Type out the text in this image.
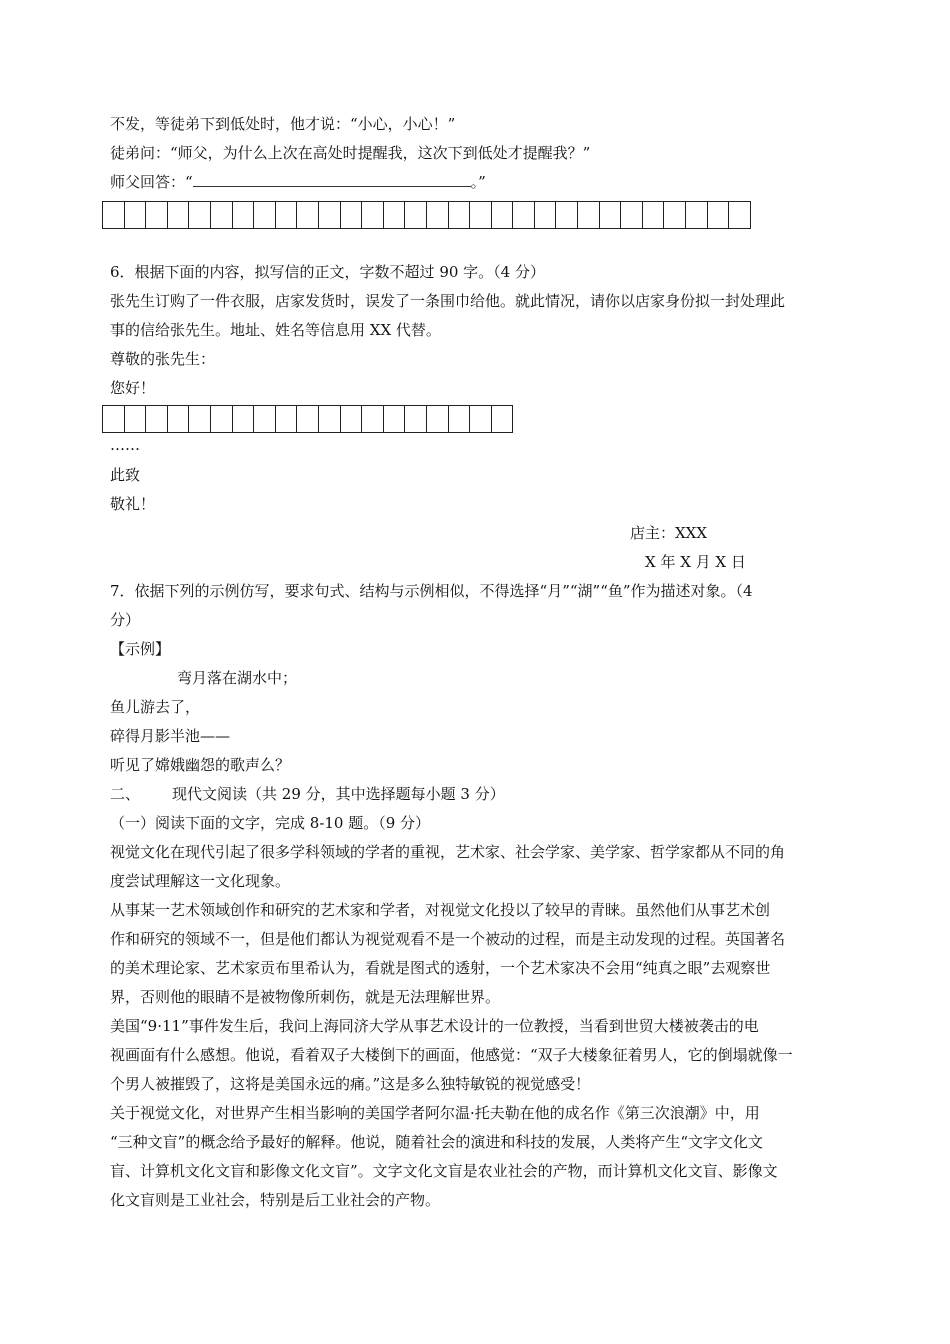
不发，等徒弟下到低处时，他才说：“小心，小心！”
徒弟问：“师父，为什么上次在高处时提醒我，这次下到低处才提醒我？”
师父回答：“	。”
6．根据下面的内容，拟写信的正文，字数不超过 90 字。（4 分）
张先生订购了一件衣服，店家发货时，误发了一条围巾给他。就此情况，请你以店家身份拟一封处理此
事的信给张先生。地址、姓名等信息用 XX 代替。
尊敬的张先生：
您好！
……
此致
敬礼！
店主：XXX
X 年 X 月 X 日
7．依据下列的示例仿写，要求句式、结构与示例相似，不得选择“月”“湖”“鱼”作为描述对象。（4
分）
【示例】
弯月落在湖水中；
鱼儿游去了，
碎得月影半池——
听见了嫦娥幽怨的歌声么？
二、 现代文阅读（共 29 分，其中选择题每小题 3 分）
（一）阅读下面的文字，完成 8-10 题。（9 分）
视觉文化在现代引起了很多学科领域的学者的重视，艺术家、社会学家、美学家、哲学家都从不同的角
度尝试理解这一文化现象。
从事某一艺术领域创作和研究的艺术家和学者，对视觉文化投以了较早的青睐。虽然他们从事艺术创
作和研究的领域不一，但是他们都认为视觉观看不是一个被动的过程，而是主动发现的过程。英国著名
的美术理论家、艺术家贡布里希认为，看就是图式的透射，一个艺术家决不会用“纯真之眼”去观察世
界，否则他的眼睛不是被物像所刺伤，就是无法理解世界。
美国“9·11”事件发生后，我问上海同济大学从事艺术设计的一位教授，当看到世贸大楼被袭击的电
视画面有什么感想。他说，看着双子大楼倒下的画面，他感觉：“双子大楼象征着男人，它的倒塌就像一
个男人被摧毁了，这将是美国永远的痛。”这是多么独特敏锐的视觉感受！
关于视觉文化，对世界产生相当影响的美国学者阿尔温·托夫勒在他的成名作《第三次浪潮》中，用
“三种文盲”的概念给予最好的解释。他说，随着社会的演进和科技的发展，人类将产生“文字文化文
盲、计算机文化文盲和影像文化文盲”。文字文化文盲是农业社会的产物，而计算机文化文盲、影像文
化文盲则是工业社会，特别是后工业社会的产物。
